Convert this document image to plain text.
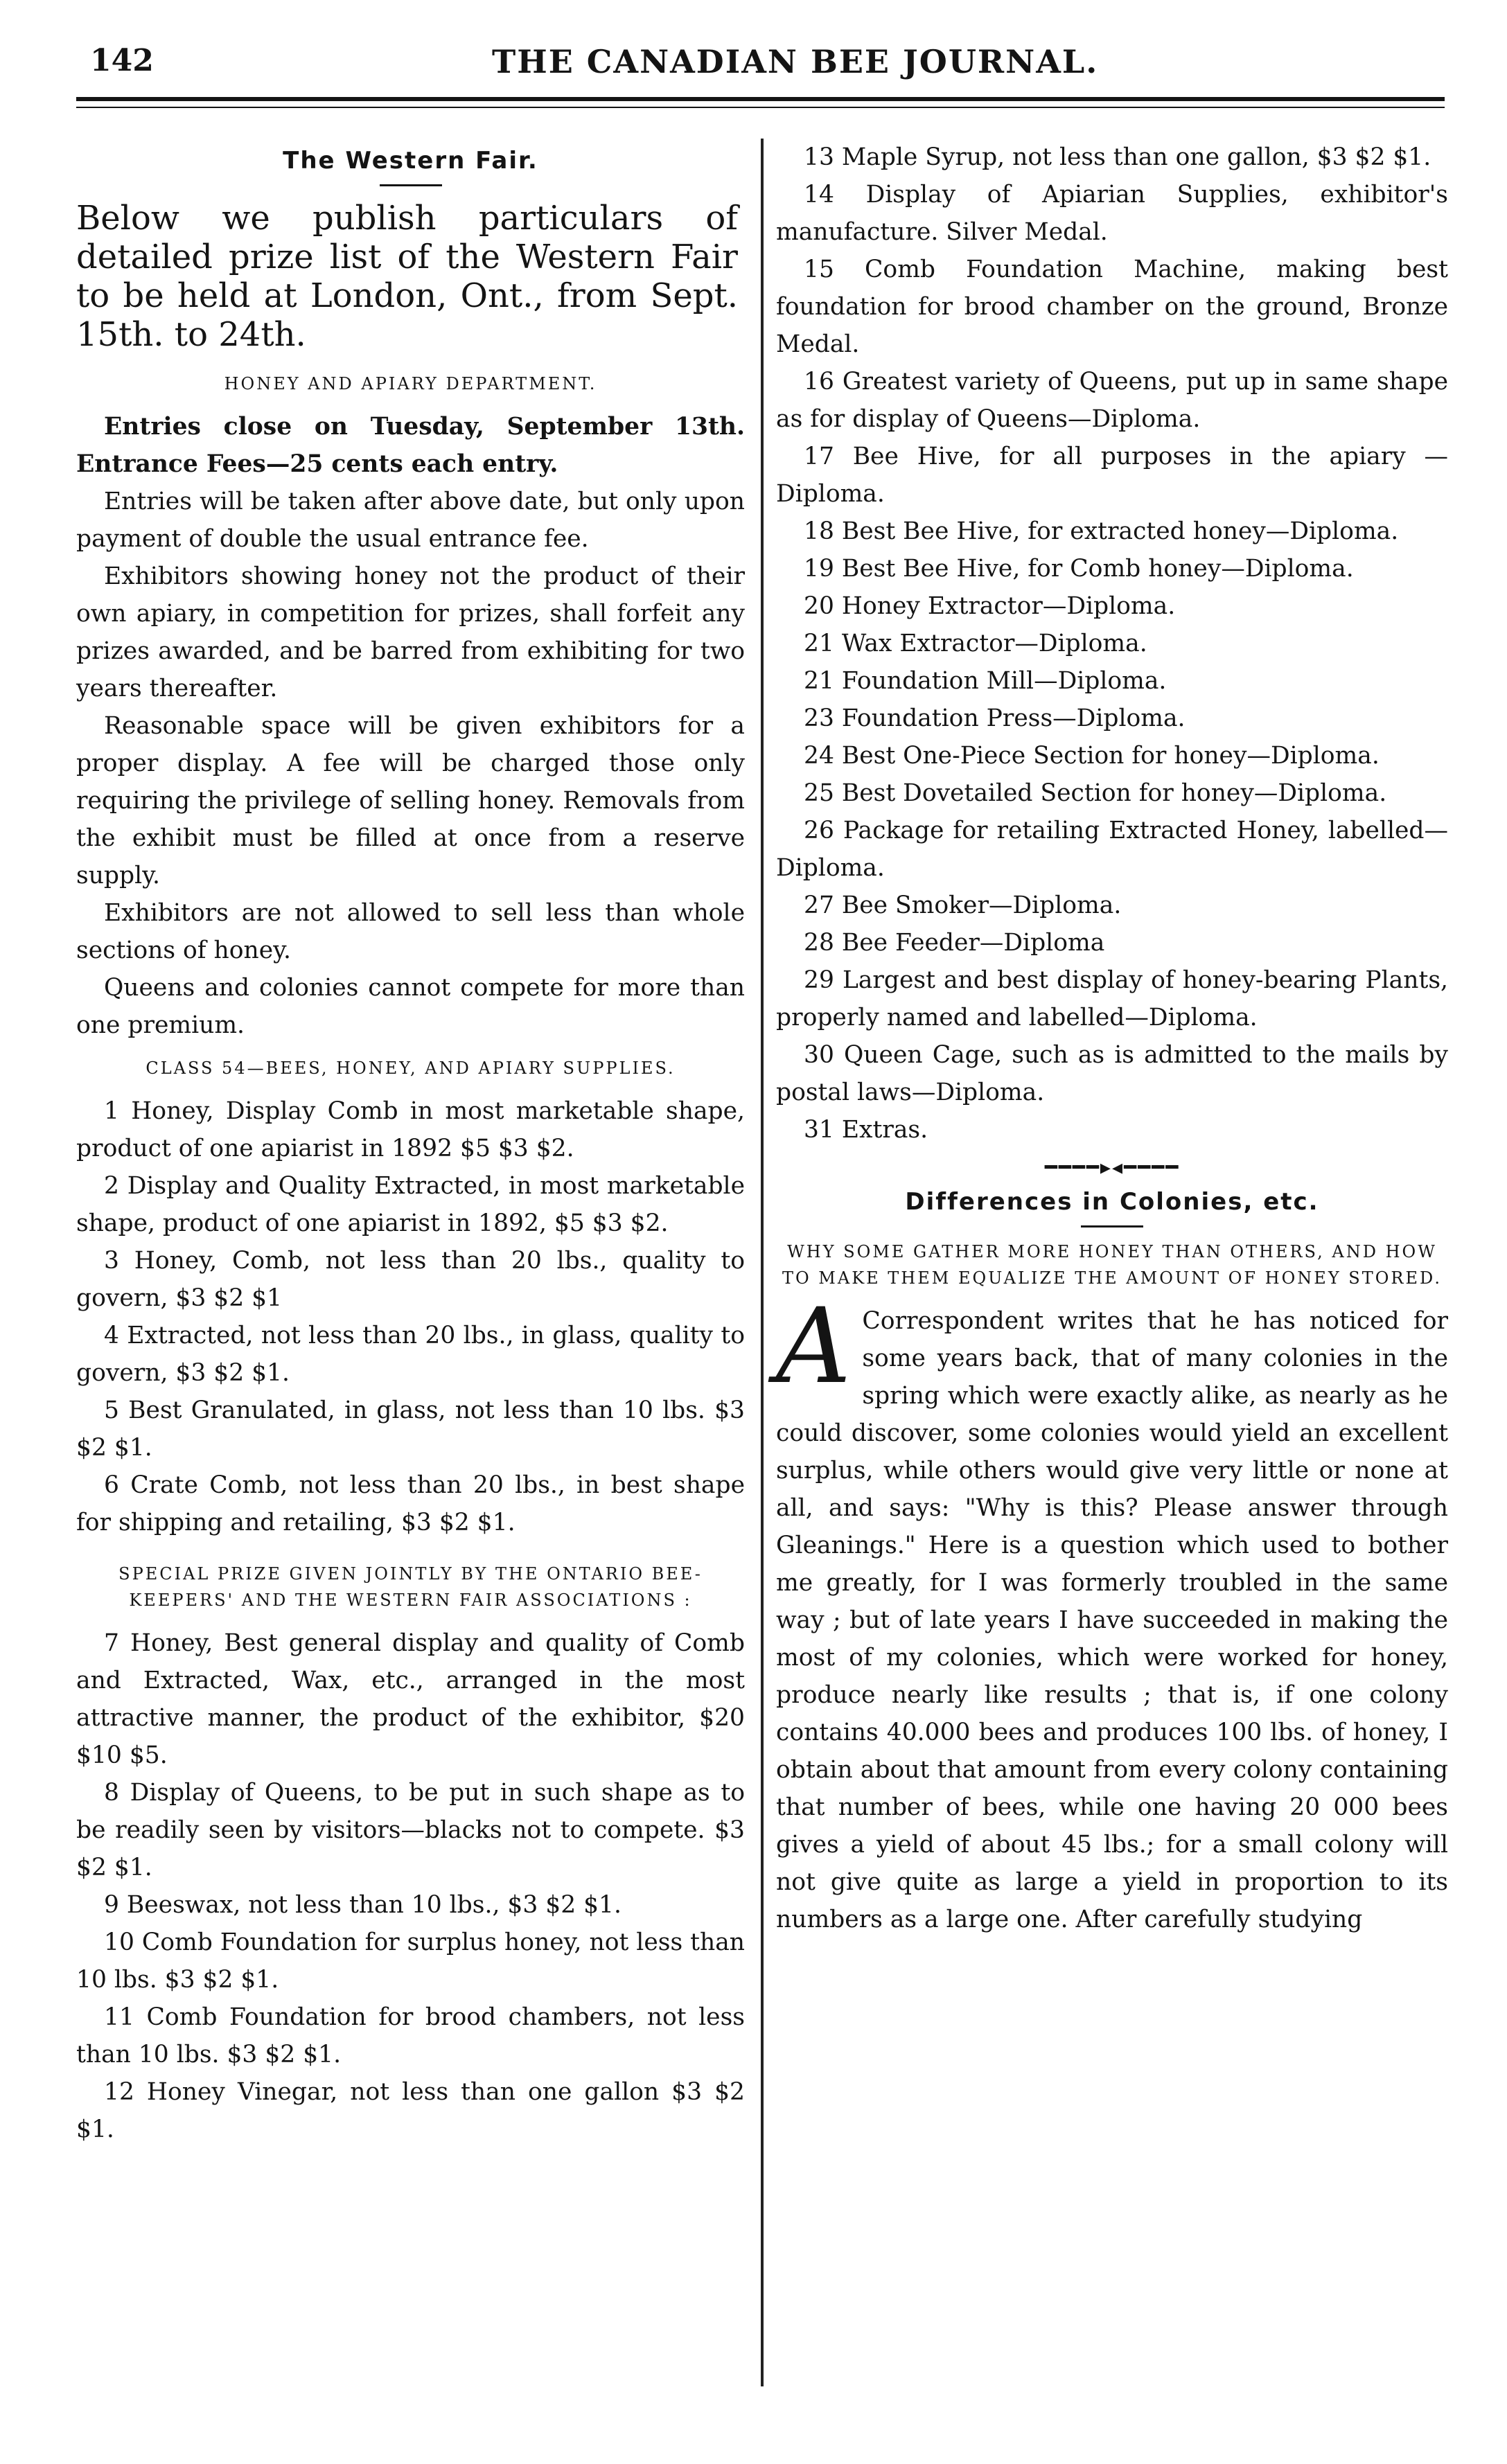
142	THE CANADIAN BEE JOURNAL.
The Western Fair.

Below we publish particulars of detailed prize list of the Western Fair to be held at London, Ont., from Sept. 15th. to 24th.

HONEY AND APIARY DEPARTMENT.

Entries close on Tuesday, September 13th. Entrance Fees—25 cents each entry.

Entries will be taken after above date, but only upon payment of double the usual entrance fee.

Exhibitors showing honey not the product of their own apiary, in competition for prizes, shall forfeit any prizes awarded, and be barred from exhibiting for two years thereafter.

Reasonable space will be given exhibitors for a proper display. A fee will be charged those only requiring the privilege of selling honey. Removals from the exhibit must be filled at once from a reserve supply.

Exhibitors are not allowed to sell less than whole sections of honey.

Queens and colonies cannot compete for more than one premium.

CLASS 54—BEES, HONEY, AND APIARY SUPPLIES.

1 Honey, Display Comb in most marketable shape, product of one apiarist in 1892 $5 $3 $2.

2 Display and Quality Extracted, in most marketable shape, product of one apiarist in 1892, $5 $3 $2.

3 Honey, Comb, not less than 20 lbs., quality to govern, $3 $2 $1

4 Extracted, not less than 20 lbs., in glass, quality to govern, $3 $2 $1.

5 Best Granulated, in glass, not less than 10 lbs. $3 $2 $1.

6 Crate Comb, not less than 20 lbs., in best shape for shipping and retailing, $3 $2 $1.

SPECIAL PRIZE GIVEN JOINTLY BY THE ONTARIO BEE-KEEPERS' AND THE WESTERN FAIR ASSOCIATIONS :

7 Honey, Best general display and quality of Comb and Extracted, Wax, etc., arranged in the most attractive manner, the product of the exhibitor, $20 $10 $5.

8 Display of Queens, to be put in such shape as to be readily seen by visitors—blacks not to compete. $3 $2 $1.

9 Beeswax, not less than 10 lbs., $3 $2 $1.

10 Comb Foundation for surplus honey, not less than 10 lbs. $3 $2 $1.

11 Comb Foundation for brood chambers, not less than 10 lbs. $3 $2 $1.

12 Honey Vinegar, not less than one gallon $3 $2 $1.

13 Maple Syrup, not less than one gallon, $3 $2 $1.

14 Display of Apiarian Supplies, exhibitor's manufacture. Silver Medal.

15 Comb Foundation Machine, making best foundation for brood chamber on the ground, Bronze Medal.

16 Greatest variety of Queens, put up in same shape as for display of Queens—Diploma.

17 Bee Hive, for all purposes in the apiary —Diploma.

18 Best Bee Hive, for extracted honey—Diploma.

19 Best Bee Hive, for Comb honey—Diploma.

20 Honey Extractor—Diploma.

21 Wax Extractor—Diploma.

21 Foundation Mill—Diploma.

23 Foundation Press—Diploma.

24 Best One-Piece Section for honey—Diploma.

25 Best Dovetailed Section for honey—Diploma.

26 Package for retailing Extracted Honey, labelled—Diploma.

27 Bee Smoker—Diploma.

28 Bee Feeder—Diploma

29 Largest and best display of honey-bearing Plants, properly named and labelled—Diploma.

30 Queen Cage, such as is admitted to the mails by postal laws—Diploma.

31 Extras.

━━━━▸◂━━━━
Differences in Colonies, etc.
WHY SOME GATHER MORE HONEY THAN OTHERS, AND HOW TO MAKE THEM EQUALIZE THE AMOUNT OF HONEY STORED.
A Correspondent writes that he has noticed for some years back, that of many colonies in the spring which were exactly alike, as nearly as he could discover, some colonies would yield an excellent surplus, while others would give very little or none at all, and says: "Why is this? Please answer through Gleanings." Here is a question which used to bother me greatly, for I was formerly troubled in the same way ; but of late years I have succeeded in making the most of my colonies, which were worked for honey, produce nearly like results ; that is, if one colony contains 40.000 bees and produces 100 lbs. of honey, I obtain about that amount from every colony containing that number of bees, while one having 20 000 bees gives a yield of about 45 lbs.; for a small colony will not give quite as large a yield in proportion to its numbers as a large one. After carefully studying
